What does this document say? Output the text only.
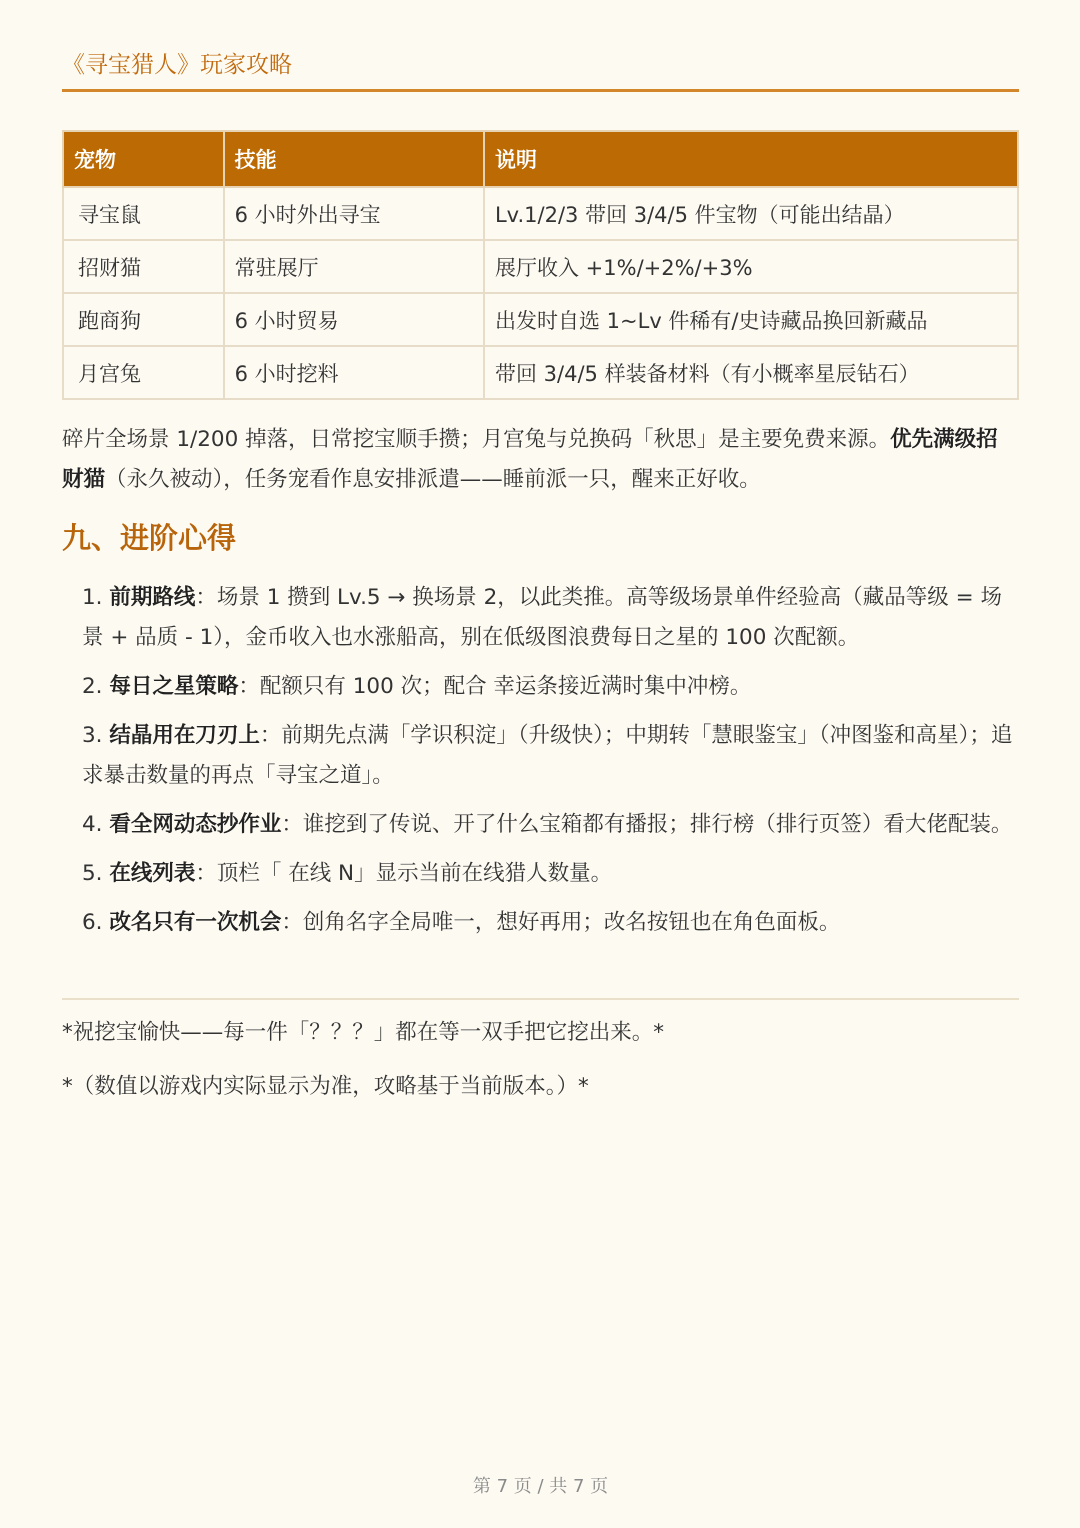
《寻宝猎人》玩家攻略
宠物	技能	说明
寻宝鼠	6 小时外出寻宝	Lv.1/2/3 带回 3/4/5 件宝物（可能出结晶）
招财猫	常驻展厅	展厅收入 +1%/+2%/+3%
跑商狗	6 小时贸易	出发时自选 1~Lv 件稀有/史诗藏品换回新藏品
月宫兔	6 小时挖料	带回 3/4/5 样装备材料（有小概率星辰钻石）

碎片全场景 1/200 掉落，日常挖宝顺手攒；月宫兔与兑换码「秋思」是主要免费来源。优先满级招财猫（永久被动），任务宠看作息安排派遣——睡前派一只，醒来正好收。

九、进阶心得
1. 前期路线：场景 1 攒到 Lv.5 → 换场景 2，以此类推。高等级场景单件经验高（藏品等级 = 场景 + 品质 - 1），金币收入也水涨船高，别在低级图浪费每日之星的 100 次配额。
2. 每日之星策略：配额只有 100 次；配合 幸运条接近满时集中冲榜。
3. 结晶用在刀刃上：前期先点满「学识积淀」（升级快）；中期转「慧眼鉴宝」（冲图鉴和高星）；追求暴击数量的再点「寻宝之道」。
4. 看全网动态抄作业：谁挖到了传说、开了什么宝箱都有播报；排行榜（排行页签）看大佬配装。
5. 在线列表：顶栏「 在线 N」显示当前在线猎人数量。
6. 改名只有一次机会：创角名字全局唯一，想好再用；改名按钮也在角色面板。

*祝挖宝愉快——每一件「？？？」都在等一双手把它挖出来。*

*（数值以游戏内实际显示为准，攻略基于当前版本。）*

第 7 页 / 共 7 页
